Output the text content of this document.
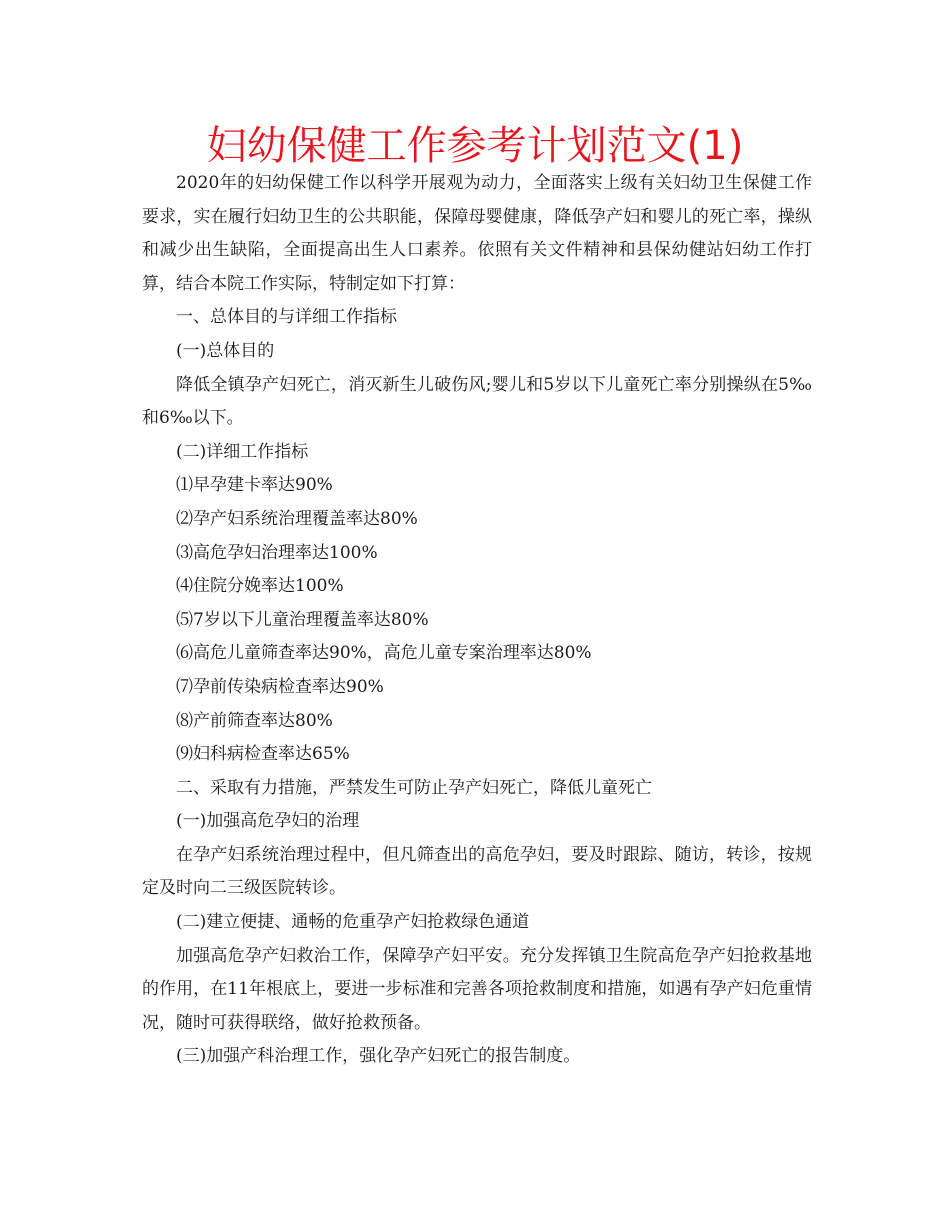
妇幼保健工作参考计划范文(1)

2020年的妇幼保健工作以科学开展观为动力，全面落实上级有关妇幼卫生保健工作要求，实在履行妇幼卫生的公共职能，保障母婴健康，降低孕产妇和婴儿的死亡率，操纵和减少出生缺陷，全面提高出生人口素养。依照有关文件精神和县保幼健站妇幼工作打算，结合本院工作实际，特制定如下打算：

一、总体目的与详细工作指标

(一)总体目的

降低全镇孕产妇死亡，消灭新生儿破伤风;婴儿和5岁以下儿童死亡率分别操纵在5‰和6‰以下。

(二)详细工作指标

⑴早孕建卡率达90%

⑵孕产妇系统治理覆盖率达80%

⑶高危孕妇治理率达100%

⑷住院分娩率达100%

⑸7岁以下儿童治理覆盖率达80%

⑹高危儿童筛查率达90%，高危儿童专案治理率达80%

⑺孕前传染病检查率达90%

⑻产前筛查率达80%

⑼妇科病检查率达65%

二、采取有力措施，严禁发生可防止孕产妇死亡，降低儿童死亡

(一)加强高危孕妇的治理

在孕产妇系统治理过程中，但凡筛查出的高危孕妇，要及时跟踪、随访，转诊，按规定及时向二三级医院转诊。

(二)建立便捷、通畅的危重孕产妇抢救绿色通道

加强高危孕产妇救治工作，保障孕产妇平安。充分发挥镇卫生院高危孕产妇抢救基地的作用，在11年根底上，要进一步标准和完善各项抢救制度和措施，如遇有孕产妇危重情况，随时可获得联络，做好抢救预备。

(三)加强产科治理工作，强化孕产妇死亡的报告制度。
